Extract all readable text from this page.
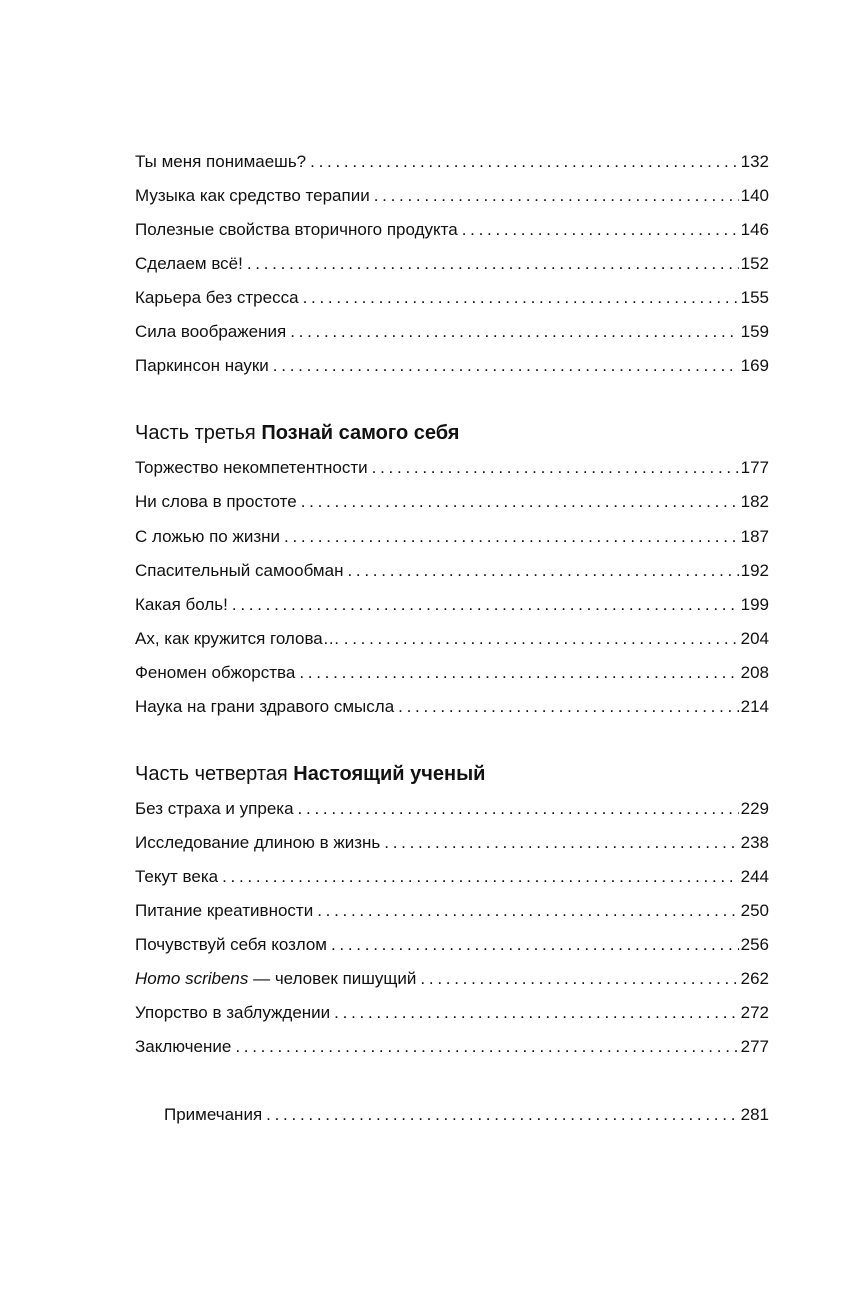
Ты меня понимаешь? . . .	132
Музыка как средство терапии . . .	140
Полезные свойства вторичного продукта . . .	146
Сделаем всё! . . .	152
Карьера без стресса . . .	155
Сила воображения . . .	159
Паркинсон науки . . .	169
Часть третья Познай самого себя
Торжество некомпетентности . . .	177
Ни слова в простоте . . .	182
С ложью по жизни . . .	187
Спасительный самообман . . .	192
Какая боль! . . .	199
Ах, как кружится голова… . . .	204
Феномен обжорства . . .	208
Наука на грани здравого смысла . . .	214
Часть четвертая Настоящий ученый
Без страха и упрека . . .	229
Исследование длиною в жизнь . . .	238
Текут века . . .	244
Питание креативности . . .	250
Почувствуй себя козлом . . .	256
Homo scribens — человек пишущий . . .	262
Упорство в заблуждении . . .	272
Заключение . . .	277
Примечания . . .	281
